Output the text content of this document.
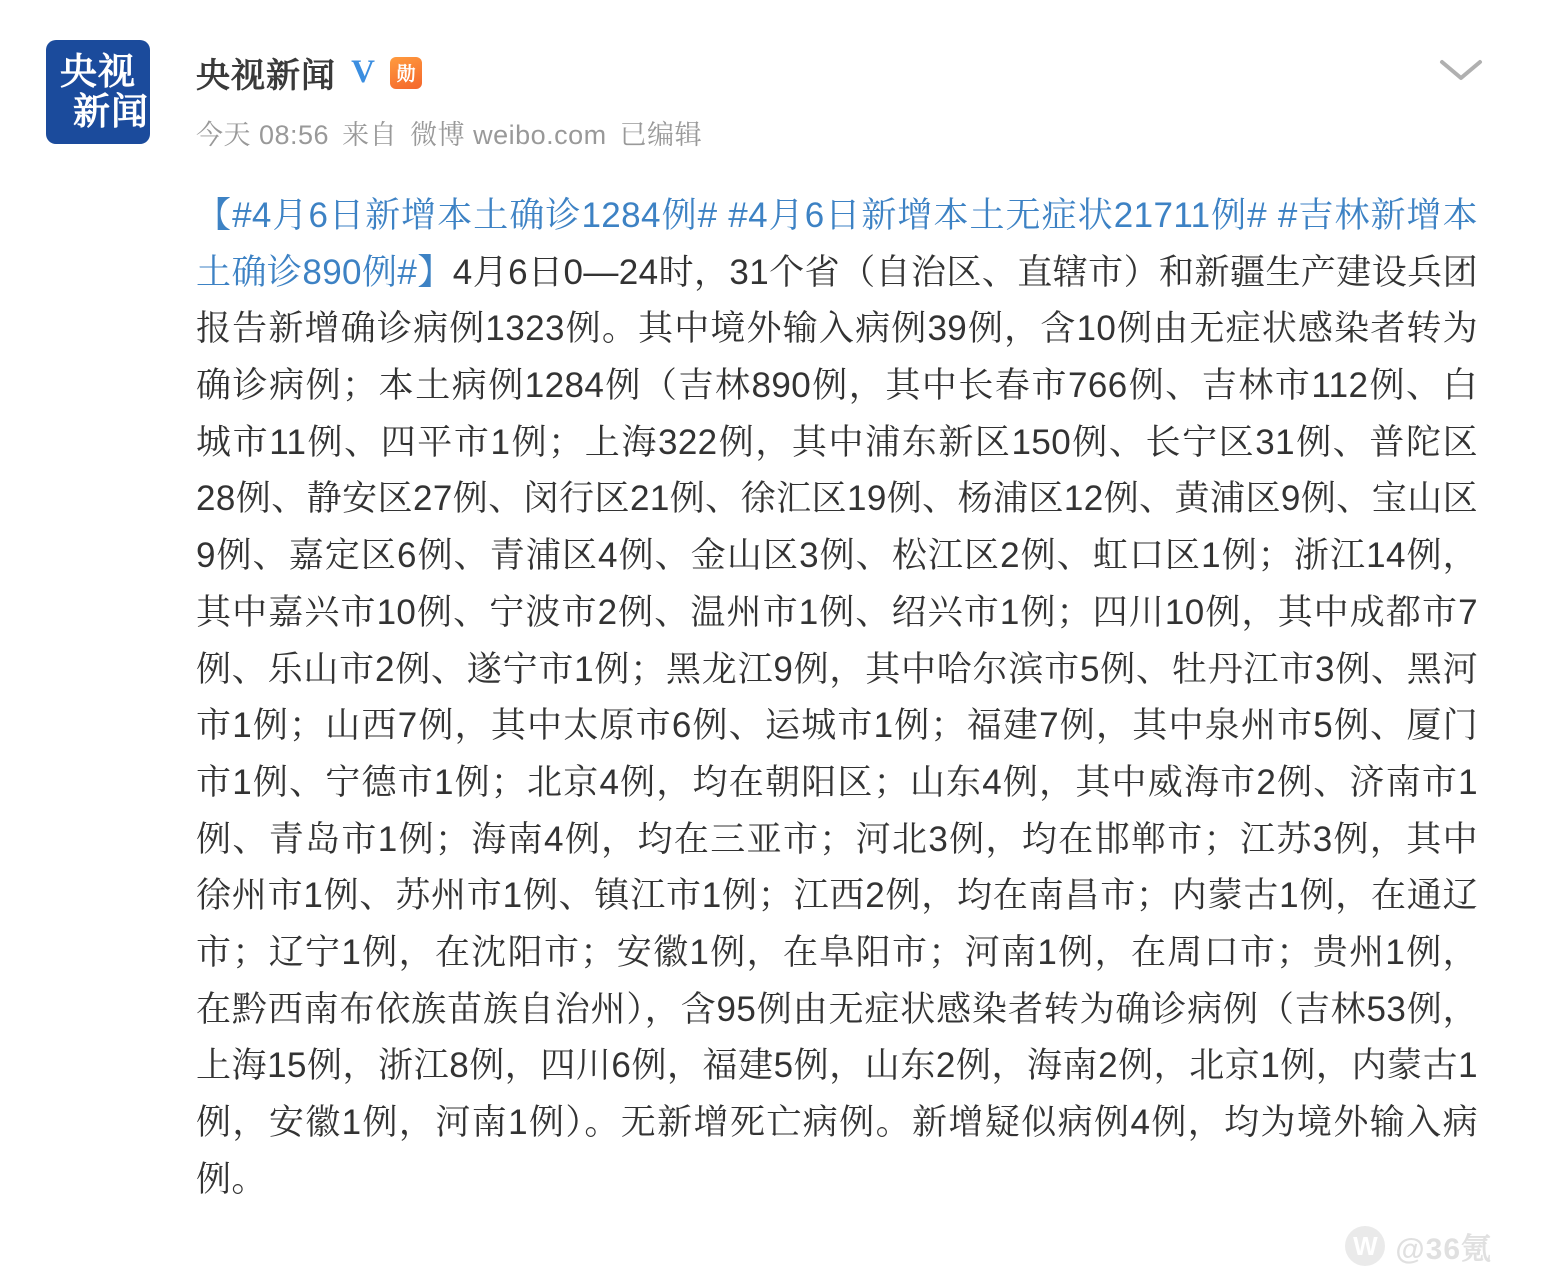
央视
新闻
央视新闻 V	勋
今天 08:56 来自 微博 weibo.com 已编辑
【#4月6日新增本土确诊1284例# #4月6日新增本土无症状21711例# #吉林新增本土确诊890例#】4月6日0—24时，31个省（自治区、直辖市）和新疆生产建设兵团报告新增确诊病例1323例。其中境外输入病例39例，含10例由无症状感染者转为确诊病例；本土病例1284例（吉林890例，其中长春市766例、吉林市112例、白城市11例、四平市1例；上海322例，其中浦东新区150例、长宁区31例、普陀区28例、静安区27例、闵行区21例、徐汇区19例、杨浦区12例、黄浦区9例、宝山区9例、嘉定区6例、青浦区4例、金山区3例、松江区2例、虹口区1例；浙江14例，其中嘉兴市10例、宁波市2例、温州市1例、绍兴市1例；四川10例，其中成都市7例、乐山市2例、遂宁市1例；黑龙江9例，其中哈尔滨市5例、牡丹江市3例、黑河市1例；山西7例，其中太原市6例、运城市1例；福建7例，其中泉州市5例、厦门市1例、宁德市1例；北京4例，均在朝阳区；山东4例，其中威海市2例、济南市1例、青岛市1例；海南4例，均在三亚市；河北3例，均在邯郸市；江苏3例，其中徐州市1例、苏州市1例、镇江市1例；江西2例，均在南昌市；内蒙古1例，在通辽市；辽宁1例，在沈阳市；安徽1例，在阜阳市；河南1例，在周口市；贵州1例，在黔西南布依族苗族自治州），含95例由无症状感染者转为确诊病例（吉林53例，上海15例，浙江8例，四川6例，福建5例，山东2例，海南2例，北京1例，内蒙古1例，安徽1例，河南1例）。无新增死亡病例。新增疑似病例4例，均为境外输入病例。
W @36氪
